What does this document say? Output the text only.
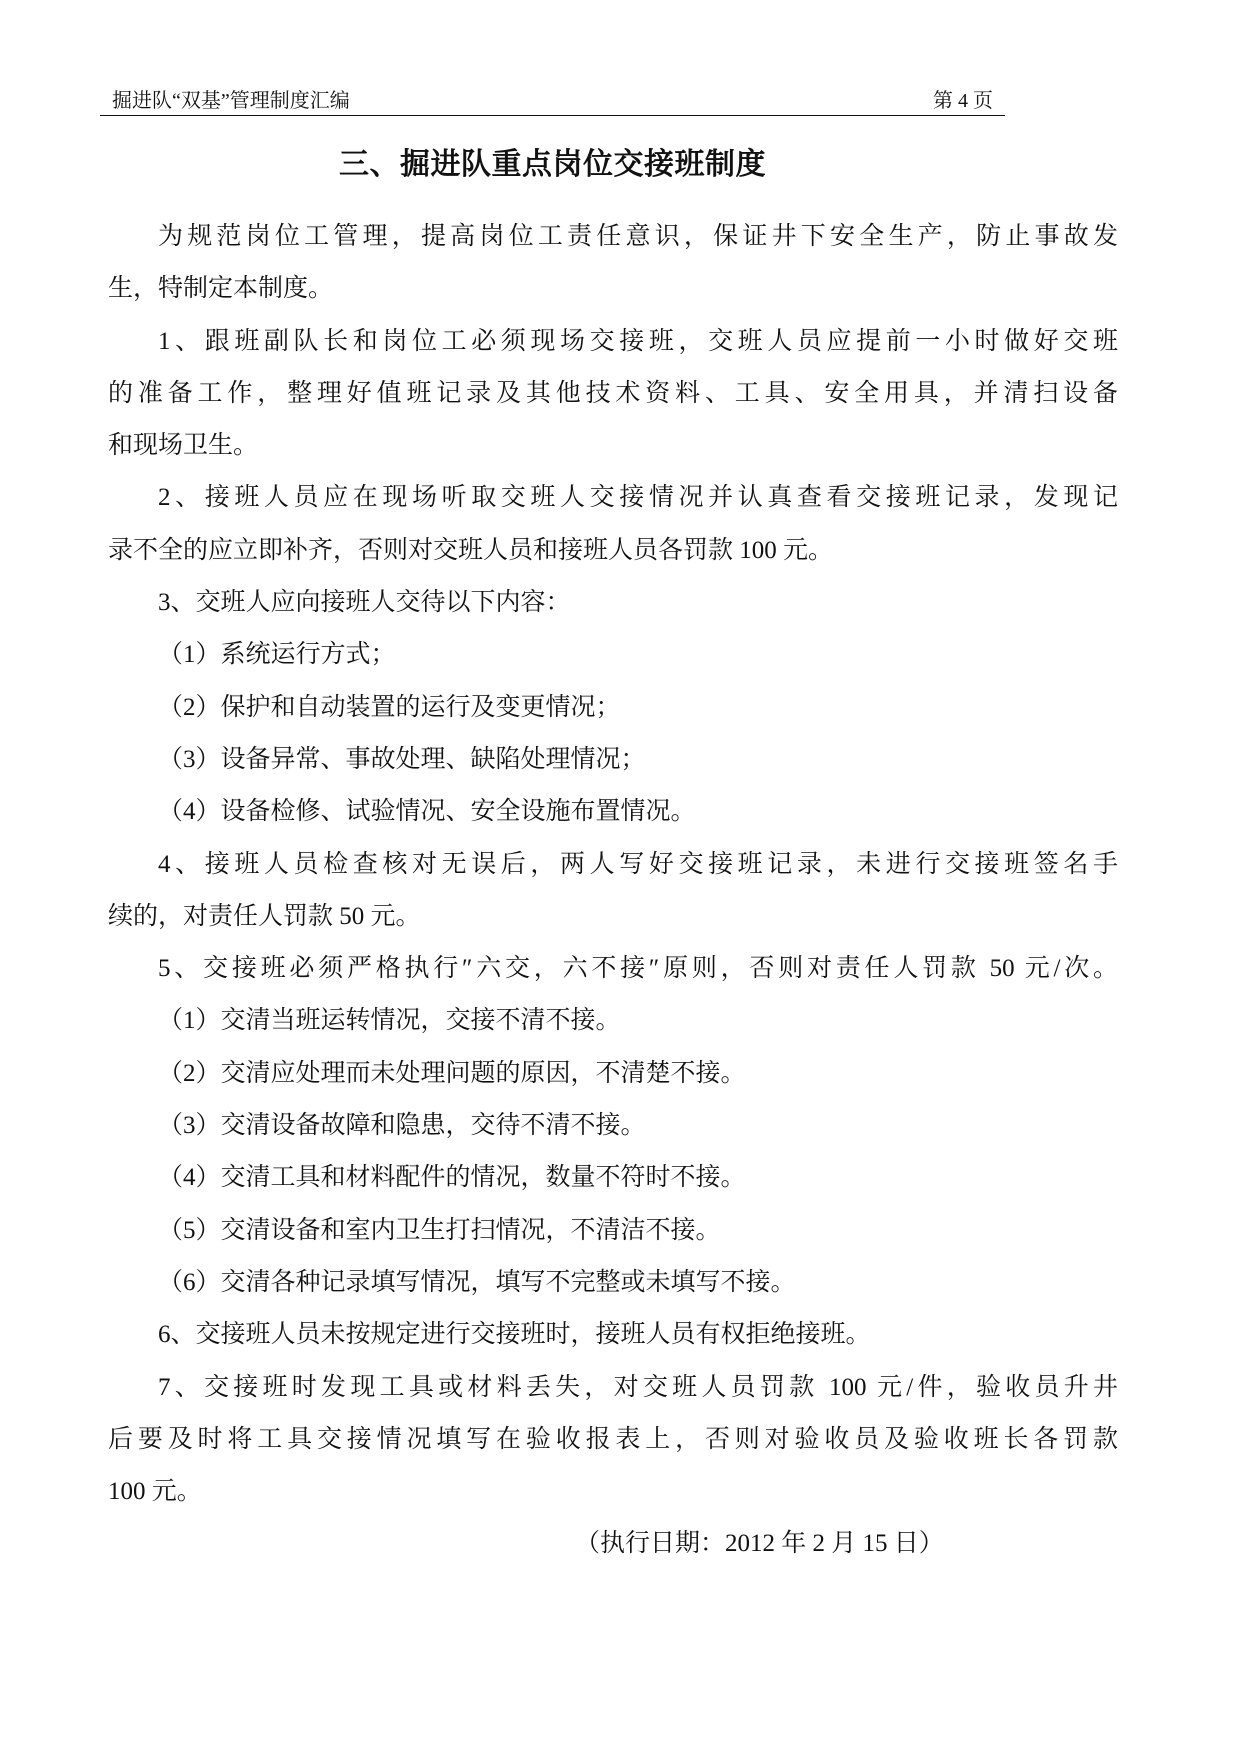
掘进队“双基”管理制度汇编	第 4 页
三、掘进队重点岗位交接班制度
为规范岗位工管理，提高岗位工责任意识，保证井下安全生产，防止事故发
生，特制定本制度。
1、跟班副队长和岗位工必须现场交接班，交班人员应提前一小时做好交班
的准备工作，整理好值班记录及其他技术资料、工具、安全用具，并清扫设备
和现场卫生。
2、接班人员应在现场听取交班人交接情况并认真查看交接班记录，发现记
录不全的应立即补齐，否则对交班人员和接班人员各罚款 100 元。
3、交班人应向接班人交待以下内容：
（1）系统运行方式；
（2）保护和自动装置的运行及变更情况；
（3）设备异常、事故处理、缺陷处理情况；
（4）设备检修、试验情况、安全设施布置情况。
4、接班人员检查核对无误后，两人写好交接班记录，未进行交接班签名手
续的，对责任人罚款 50 元。
5、交接班必须严格执行″六交，六不接″原则，否则对责任人罚款 50 元/次。
（1）交清当班运转情况，交接不清不接。
（2）交清应处理而未处理问题的原因，不清楚不接。
（3）交清设备故障和隐患，交待不清不接。
（4）交清工具和材料配件的情况，数量不符时不接。
（5）交清设备和室内卫生打扫情况，不清洁不接。
（6）交清各种记录填写情况，填写不完整或未填写不接。
6、交接班人员未按规定进行交接班时，接班人员有权拒绝接班。
7、交接班时发现工具或材料丢失，对交班人员罚款 100 元/件，验收员升井
后要及时将工具交接情况填写在验收报表上，否则对验收员及验收班长各罚款
100 元。
（执行日期：2012 年 2 月 15 日）
